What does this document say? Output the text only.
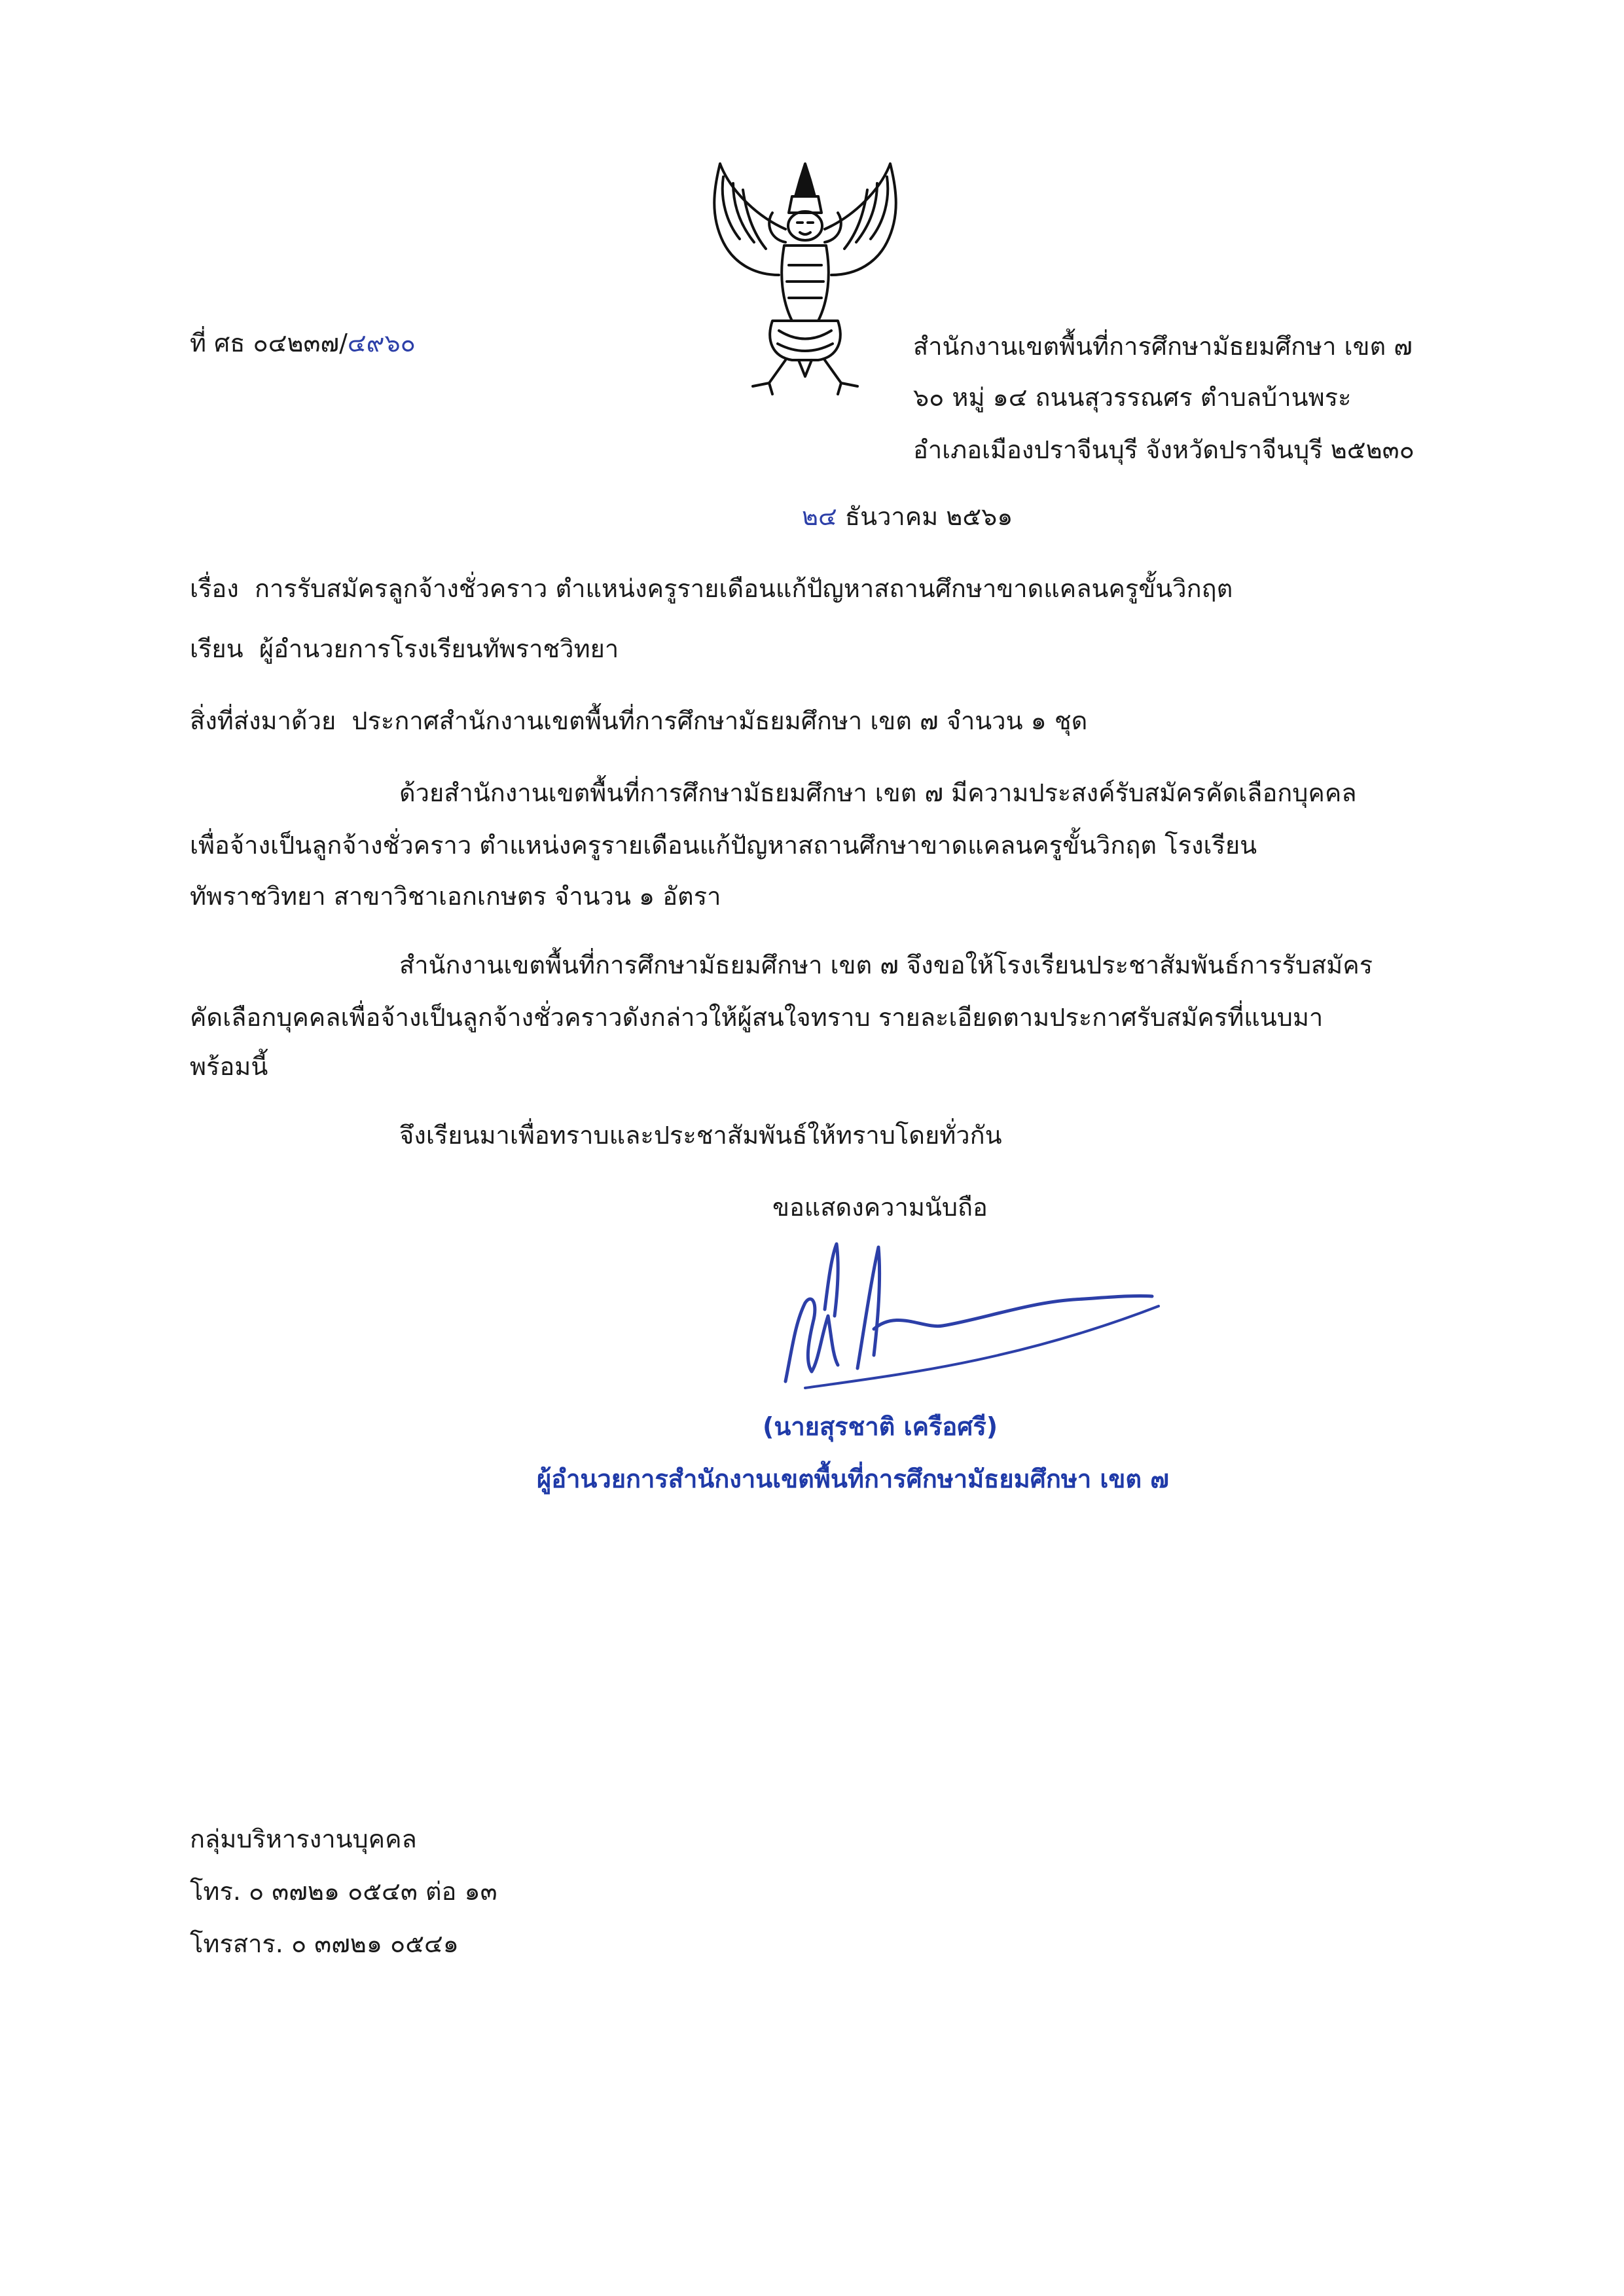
ที่ ศธ ๐๔๒๓๗/๔๙๖๐	สำนักงานเขตพื้นที่การศึกษามัธยมศึกษา เขต ๗
๖๐ หมู่ ๑๔ ถนนสุวรรณศร ตำบลบ้านพระ
อำเภอเมืองปราจีนบุรี จังหวัดปราจีนบุรี ๒๕๒๓๐
๒๔ ธันวาคม ๒๕๖๑
เรื่อง การรับสมัครลูกจ้างชั่วคราว ตำแหน่งครูรายเดือนแก้ปัญหาสถานศึกษาขาดแคลนครูขั้นวิกฤต
เรียน ผู้อำนวยการโรงเรียนทัพราชวิทยา
สิ่งที่ส่งมาด้วย ประกาศสำนักงานเขตพื้นที่การศึกษามัธยมศึกษา เขต ๗ จำนวน ๑ ชุด
ด้วยสำนักงานเขตพื้นที่การศึกษามัธยมศึกษา เขต ๗ มีความประสงค์รับสมัครคัดเลือกบุคคล
เพื่อจ้างเป็นลูกจ้างชั่วคราว ตำแหน่งครูรายเดือนแก้ปัญหาสถานศึกษาขาดแคลนครูขั้นวิกฤต โรงเรียน
ทัพราชวิทยา สาขาวิชาเอกเกษตร จำนวน ๑ อัตรา
สำนักงานเขตพื้นที่การศึกษามัธยมศึกษา เขต ๗ จึงขอให้โรงเรียนประชาสัมพันธ์การรับสมัคร
คัดเลือกบุคคลเพื่อจ้างเป็นลูกจ้างชั่วคราวดังกล่าวให้ผู้สนใจทราบ รายละเอียดตามประกาศรับสมัครที่แนบมา
พร้อมนี้
จึงเรียนมาเพื่อทราบและประชาสัมพันธ์ให้ทราบโดยทั่วกัน
ขอแสดงความนับถือ
(นายสุรชาติ เครือศรี)
ผู้อำนวยการสำนักงานเขตพื้นที่การศึกษามัธยมศึกษา เขต ๗
กลุ่มบริหารงานบุคคล
โทร. ๐ ๓๗๒๑ ๐๕๔๓ ต่อ ๑๓
โทรสาร. ๐ ๓๗๒๑ ๐๕๔๑
